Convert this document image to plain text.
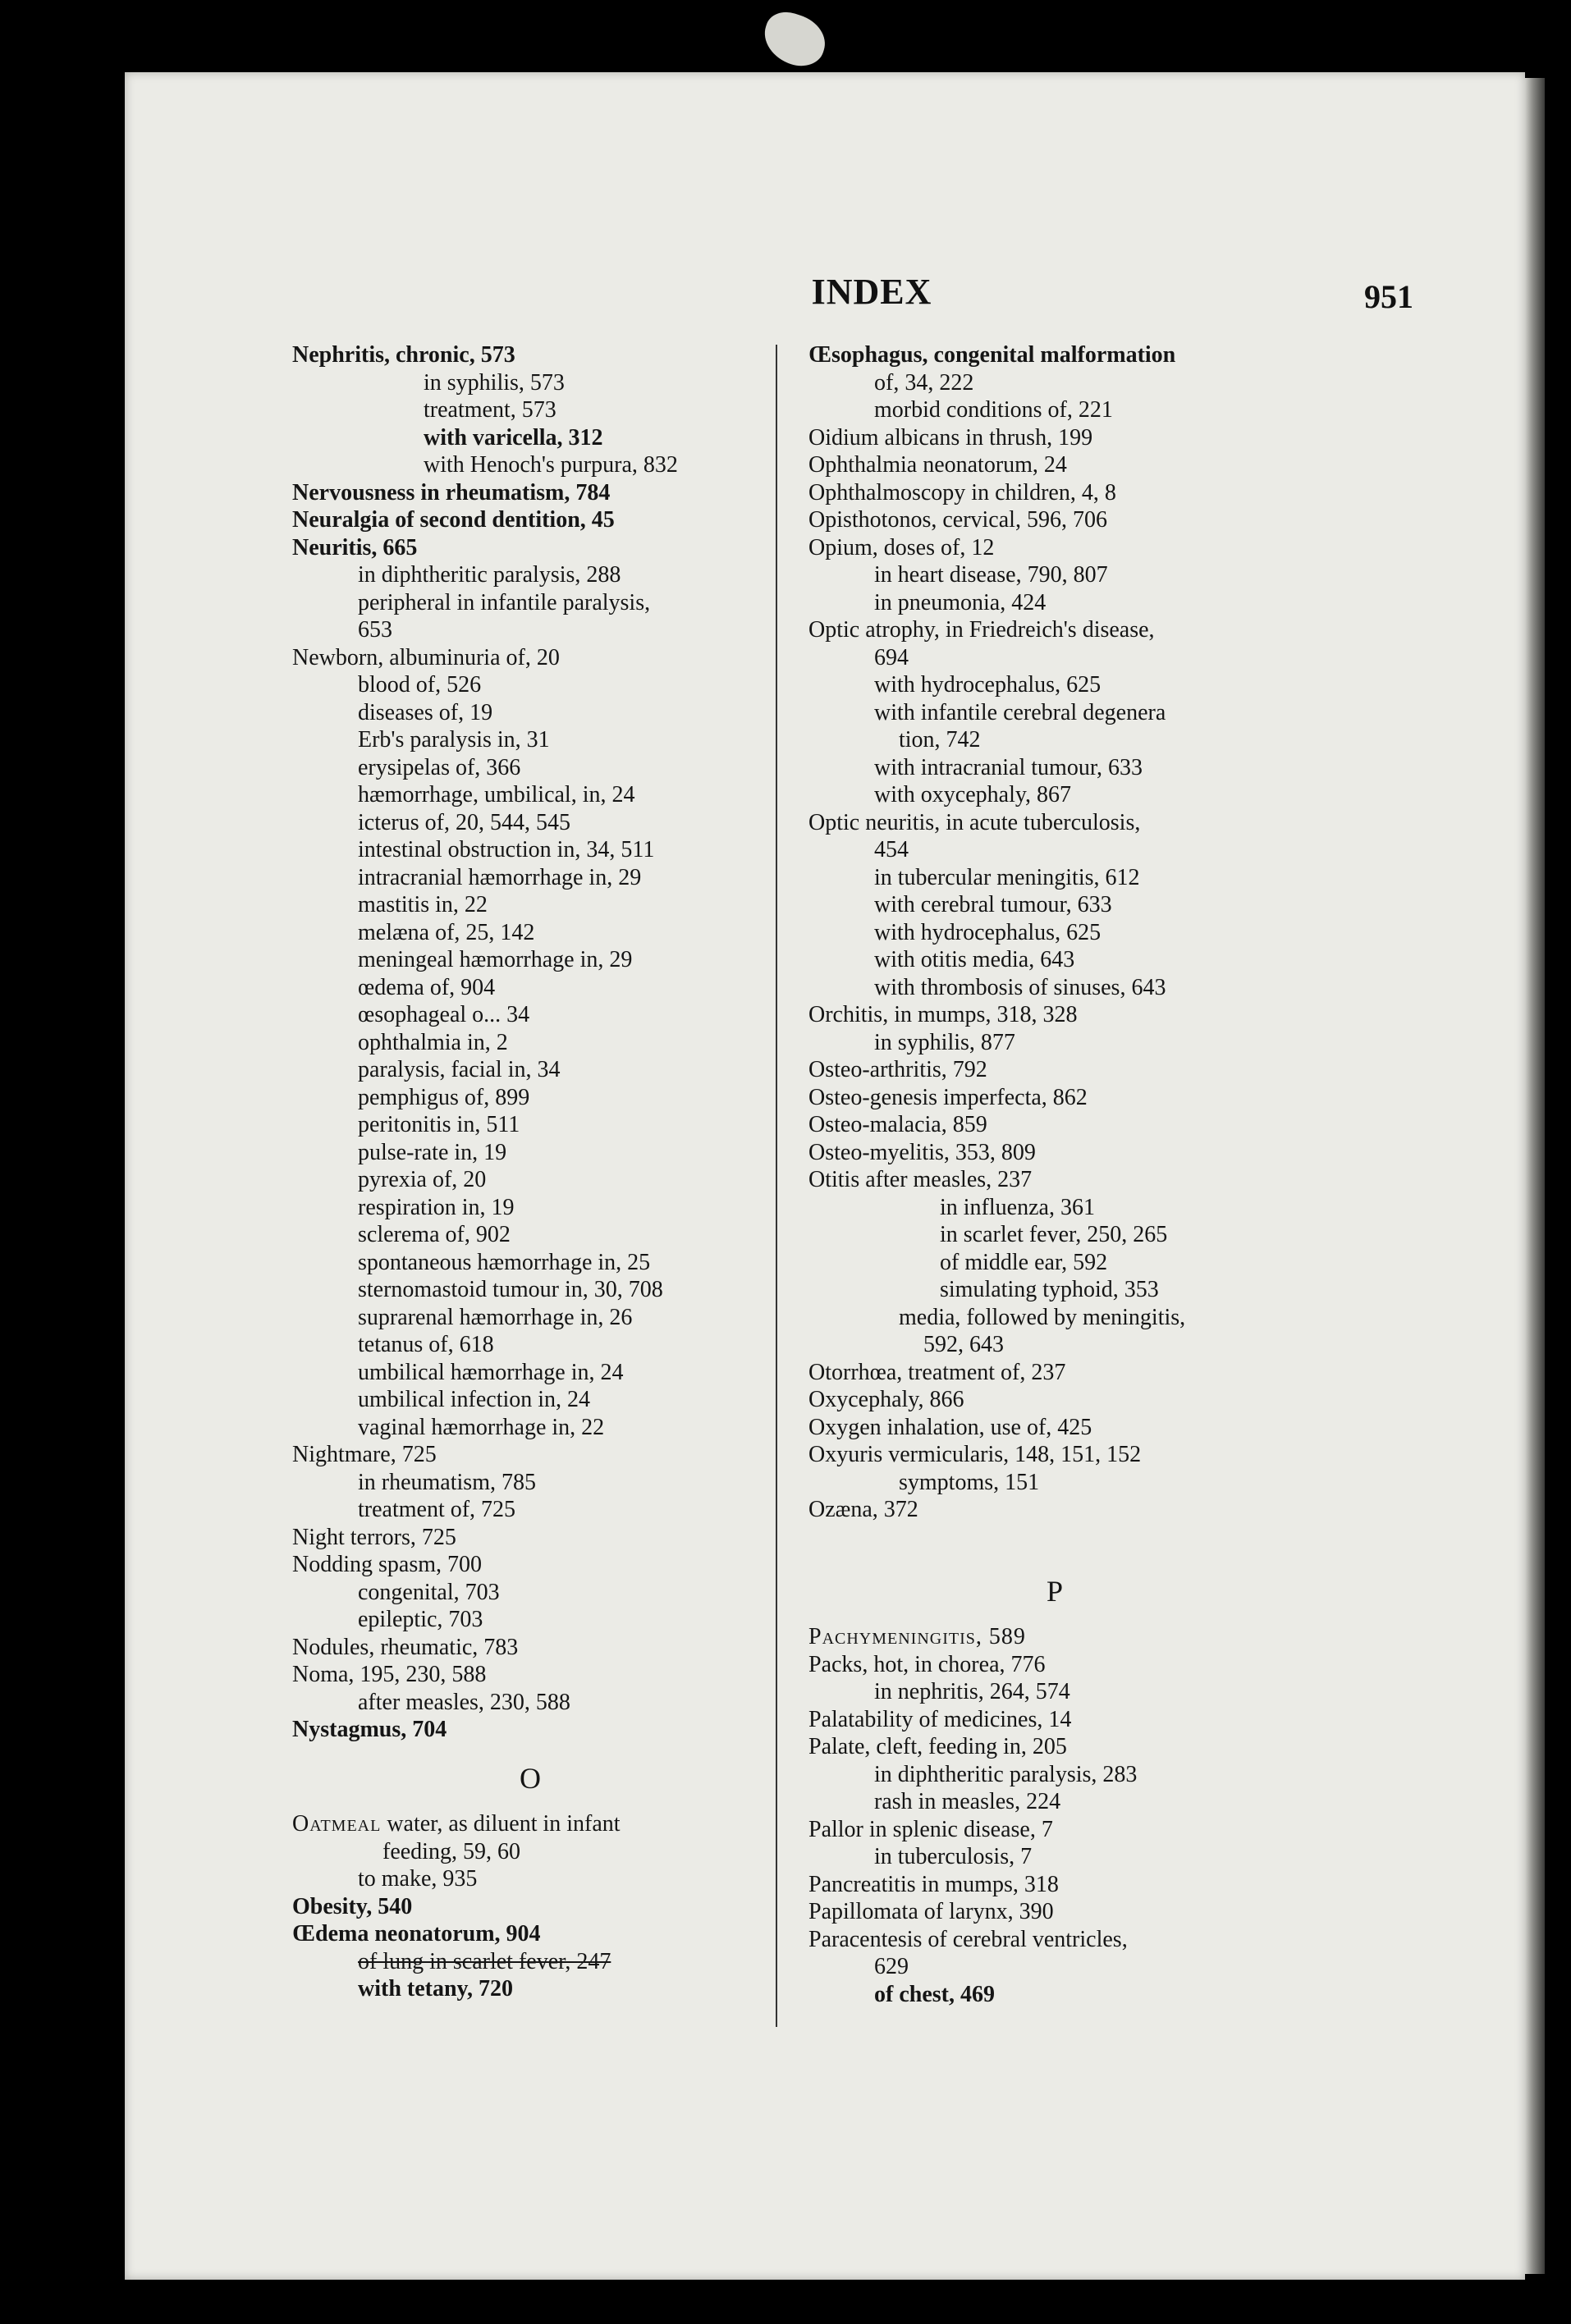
INDEX	951
Nephritis, chronic, 573
in syphilis, 573
treatment, 573
with varicella, 312
with Henoch's purpura, 832
Nervousness in rheumatism, 784
Neuralgia of second dentition, 45
Neuritis, 665
in diphtheritic paralysis, 288
peripheral in infantile paralysis,
653
Newborn, albuminuria of, 20
blood of, 526
diseases of, 19
Erb's paralysis in, 31
erysipelas of, 366
hæmorrhage, umbilical, in, 24
icterus of, 20, 544, 545
intestinal obstruction in, 34, 511
intracranial hæmorrhage in, 29
mastitis in, 22
melæna of, 25, 142
meningeal hæmorrhage in, 29
œdema of, 904
œsophageal o... 34
ophthalmia in, 2
paralysis, facial in, 34
pemphigus of, 899
peritonitis in, 511
pulse-rate in, 19
pyrexia of, 20
respiration in, 19
sclerema of, 902
spontaneous hæmorrhage in, 25
sternomastoid tumour in, 30, 708
suprarenal hæmorrhage in, 26
tetanus of, 618
umbilical hæmorrhage in, 24
umbilical infection in, 24
vaginal hæmorrhage in, 22
Nightmare, 725
in rheumatism, 785
treatment of, 725
Night terrors, 725
Nodding spasm, 700
congenital, 703
epileptic, 703
Nodules, rheumatic, 783
Noma, 195, 230, 588
after measles, 230, 588
Nystagmus, 704
O
Oatmeal water, as diluent in infant
feeding, 59, 60
to make, 935
Obesity, 540
Œdema neonatorum, 904
of lung in scarlet fever, 247
with tetany, 720
Œsophagus, congenital malformation
of, 34, 222
morbid conditions of, 221
Oidium albicans in thrush, 199
Ophthalmia neonatorum, 24
Ophthalmoscopy in children, 4, 8
Opisthotonos, cervical, 596, 706
Opium, doses of, 12
in heart disease, 790, 807
in pneumonia, 424
Optic atrophy, in Friedreich's disease,
694
with hydrocephalus, 625
with infantile cerebral degenera
tion, 742
with intracranial tumour, 633
with oxycephaly, 867
Optic neuritis, in acute tuberculosis,
454
in tubercular meningitis, 612
with cerebral tumour, 633
with hydrocephalus, 625
with otitis media, 643
with thrombosis of sinuses, 643
Orchitis, in mumps, 318, 328
in syphilis, 877
Osteo-arthritis, 792
Osteo-genesis imperfecta, 862
Osteo-malacia, 859
Osteo-myelitis, 353, 809
Otitis after measles, 237
in influenza, 361
in scarlet fever, 250, 265
of middle ear, 592
simulating typhoid, 353
media, followed by meningitis,
592, 643
Otorrhœa, treatment of, 237
Oxycephaly, 866
Oxygen inhalation, use of, 425
Oxyuris vermicularis, 148, 151, 152
symptoms, 151
Ozæna, 372
P
Pachymeningitis, 589
Packs, hot, in chorea, 776
in nephritis, 264, 574
Palatability of medicines, 14
Palate, cleft, feeding in, 205
in diphtheritic paralysis, 283
rash in measles, 224
Pallor in splenic disease, 7
in tuberculosis, 7
Pancreatitis in mumps, 318
Papillomata of larynx, 390
Paracentesis of cerebral ventricles,
629
of chest, 469
